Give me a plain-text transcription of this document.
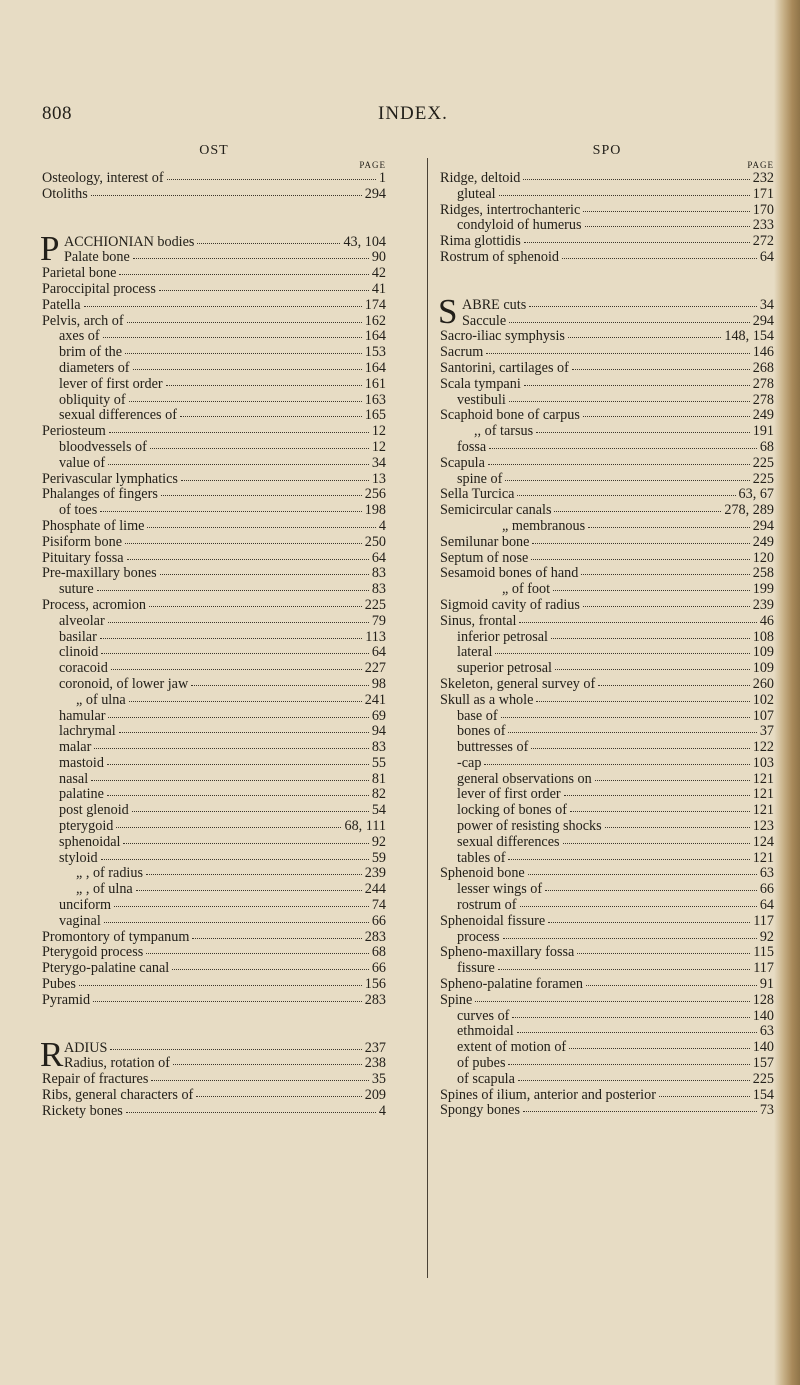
808	INDEX.
OST
PAGE
Osteology, interest of	1
Otoliths	294
P ACCHIONIAN bodies	43, 104
Palate bone	90
Parietal bone	42
Paroccipital process	41
Patella	174
Pelvis, arch of	162
axes of	164
brim of the	153
diameters of	164
lever of first order	161
obliquity of	163
sexual differences of	165
Periosteum	12
bloodvessels of	12
value of	34
Perivascular lymphatics	13
Phalanges of fingers	256
of toes	198
Phosphate of lime	4
Pisiform bone	250
Pituitary fossa	64
Pre-maxillary bones	83
suture	83
Process, acromion	225
alveolar	79
basilar	113
clinoid	64
coracoid	227
coronoid, of lower jaw	98
„ of ulna	241
hamular	69
lachrymal	94
malar	83
mastoid	55
nasal	81
palatine	82
post glenoid	54
pterygoid	68, 111
sphenoidal	92
styloid	59
„ , of radius	239
„ , of ulna	244
unciform	74
vaginal	66
Promontory of tympanum	283
Pterygoid process	68
Pterygo-palatine canal	66
Pubes	156
Pyramid	283
R ADIUS	237
Radius, rotation of	238
Repair of fractures	35
Ribs, general characters of	209
Rickety bones	4
SPO
PAGE
Ridge, deltoid	232
gluteal	171
Ridges, intertrochanteric	170
condyloid of humerus	233
Rima glottidis	272
Rostrum of sphenoid	64
S ABRE cuts	34
Saccule	294
Sacro-iliac symphysis	148, 154
Sacrum	146
Santorini, cartilages of	268
Scala tympani	278
vestibuli	278
Scaphoid bone of carpus	249
,, of tarsus	191
fossa	68
Scapula	225
spine of	225
Sella Turcica	63, 67
Semicircular canals	278, 289
„ membranous	294
Semilunar bone	249
Septum of nose	120
Sesamoid bones of hand	258
„ of foot	199
Sigmoid cavity of radius	239
Sinus, frontal	46
inferior petrosal	108
lateral	109
superior petrosal	109
Skeleton, general survey of	260
Skull as a whole	102
base of	107
bones of	37
buttresses of	122
-cap	103
general observations on	121
lever of first order	121
locking of bones of	121
power of resisting shocks	123
sexual differences	124
tables of	121
Sphenoid bone	63
lesser wings of	66
rostrum of	64
Sphenoidal fissure	117
process	92
Spheno-maxillary fossa	115
fissure	117
Spheno-palatine foramen	91
Spine	128
curves of	140
ethmoidal	63
extent of motion of	140
of pubes	157
of scapula	225
Spines of ilium, anterior and posterior	154
Spongy bones	73
